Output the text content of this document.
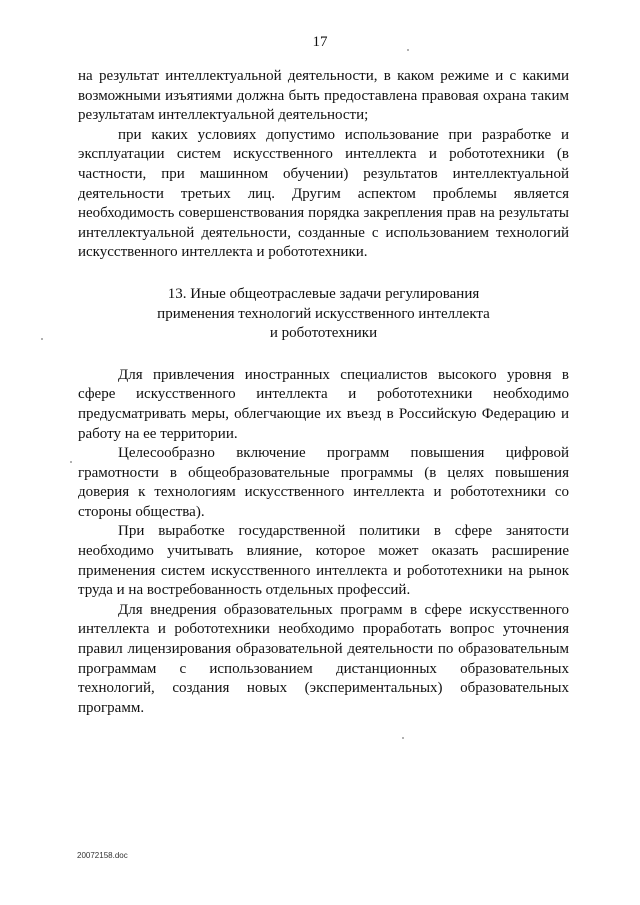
17

на результат интеллектуальной деятельности, в каком режиме и с какими возможными изъятиями должна быть предоставлена правовая охрана таким результатам интеллектуальной деятельности;

при каких условиях допустимо использование при разработке и эксплуатации систем искусственного интеллекта и робототехники (в частности, при машинном обучении) результатов интеллектуальной деятельности третьих лиц. Другим аспектом проблемы является необходимость совершенствования порядка закрепления прав на результаты интеллектуальной деятельности, созданные с использованием технологий искусственного интеллекта и робототехники.

13. Иные общеотраслевые задачи регулирования
применения технологий искусственного интеллекта
и робототехники

Для привлечения иностранных специалистов высокого уровня в сфере искусственного интеллекта и робототехники необходимо предусматривать меры, облегчающие их въезд в Российскую Федерацию и работу на ее территории.

Целесообразно включение программ повышения цифровой грамотности в общеобразовательные программы (в целях повышения доверия к технологиям искусственного интеллекта и робототехники со стороны общества).

При выработке государственной политики в сфере занятости необходимо учитывать влияние, которое может оказать расширение применения систем искусственного интеллекта и робототехники на рынок труда и на востребованность отдельных профессий.

Для внедрения образовательных программ в сфере искусственного интеллекта и робототехники необходимо проработать вопрос уточнения правил лицензирования образовательной деятельности по образовательным программам с использованием дистанционных образовательных технологий, создания новых (экспериментальных) образовательных программ.

20072158.doc
